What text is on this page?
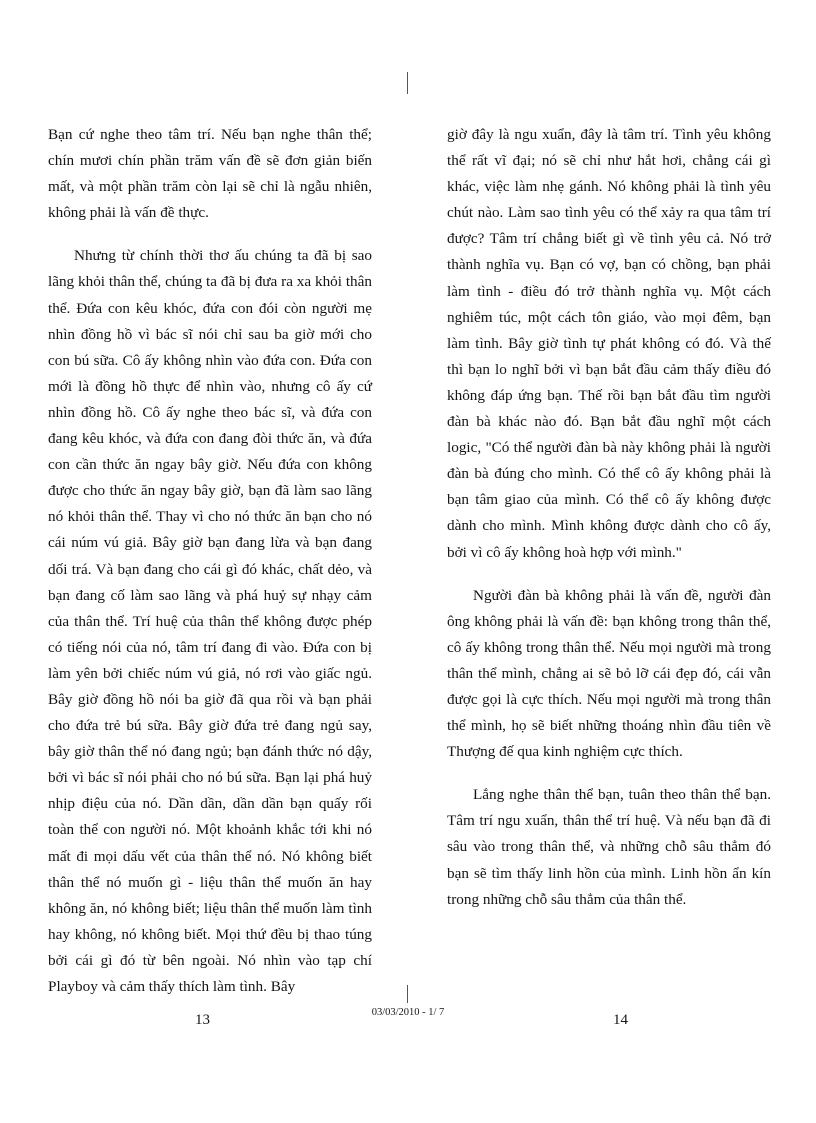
Bạn cứ nghe theo tâm trí. Nếu bạn nghe thân thể; chín mươi chín phần trăm vấn đề sẽ đơn giản biến mất, và một phần trăm còn lại sẽ chỉ là ngẫu nhiên, không phải là vấn đề thực.

Nhưng từ chính thời thơ ấu chúng ta đã bị sao lãng khỏi thân thể, chúng ta đã bị đưa ra xa khỏi thân thể. Đứa con kêu khóc, đứa con đói còn người mẹ nhìn đồng hồ vì bác sĩ nói chỉ sau ba giờ mới cho con bú sữa. Cô ấy không nhìn vào đứa con. Đứa con mới là đồng hồ thực để nhìn vào, nhưng cô ấy cứ nhìn đồng hồ. Cô ấy nghe theo bác sĩ, và đứa con đang kêu khóc, và đứa con đang đòi thức ăn, và đứa con cần thức ăn ngay bây giờ. Nếu đứa con không được cho thức ăn ngay bây giờ, bạn đã làm sao lãng nó khỏi thân thể. Thay vì cho nó thức ăn bạn cho nó cái núm vú giả. Bây giờ bạn đang lừa và bạn đang dối trá. Và bạn đang cho cái gì đó khác, chất dẻo, và bạn đang cố làm sao lãng và phá huỷ sự nhạy cảm của thân thể. Trí huệ của thân thể không được phép có tiếng nói của nó, tâm trí đang đi vào. Đứa con bị làm yên bởi chiếc núm vú giả, nó rơi vào giấc ngủ. Bây giờ đồng hồ nói ba giờ đã qua rồi và bạn phải cho đứa trẻ bú sữa. Bây giờ đứa trẻ đang ngủ say, bây giờ thân thể nó đang ngủ; bạn đánh thức nó dậy, bởi vì bác sĩ nói phải cho nó bú sữa. Bạn lại phá huỷ nhịp điệu của nó. Dần dần, dần dần bạn quấy rối toàn thể con người nó. Một khoảnh khắc tới khi nó mất đi mọi dấu vết của thân thể nó. Nó không biết thân thể nó muốn gì - liệu thân thể muốn ăn hay không ăn, nó không biết; liệu thân thể muốn làm tình hay không, nó không biết. Mọi thứ đều bị thao túng bởi cái gì đó từ bên ngoài. Nó nhìn vào tạp chí Playboy và cảm thấy thích làm tình. Bây

giờ đây là ngu xuẩn, đây là tâm trí. Tình yêu không thể rất vĩ đại; nó sẽ chỉ như hắt hơi, chẳng cái gì khác, việc làm nhẹ gánh. Nó không phải là tình yêu chút nào. Làm sao tình yêu có thể xảy ra qua tâm trí được? Tâm trí chẳng biết gì về tình yêu cả. Nó trở thành nghĩa vụ. Bạn có vợ, bạn có chồng, bạn phải làm tình - điều đó trở thành nghĩa vụ. Một cách nghiêm túc, một cách tôn giáo, vào mọi đêm, bạn làm tình. Bây giờ tình tự phát không có đó. Và thế thì bạn lo nghĩ bởi vì bạn bắt đầu cảm thấy điều đó không đáp ứng bạn. Thế rồi bạn bắt đầu tìm người đàn bà khác nào đó. Bạn bắt đầu nghĩ một cách logic, "Có thể người đàn bà này không phải là người đàn bà đúng cho mình. Có thể cô ấy không phải là bạn tâm giao của mình. Có thể cô ấy không được dành cho mình. Mình không được dành cho cô ấy, bởi vì cô ấy không hoà hợp với mình."

Người đàn bà không phải là vấn đề, người đàn ông không phải là vấn đề: bạn không trong thân thể, cô ấy không trong thân thể. Nếu mọi người mà trong thân thể mình, chẳng ai sẽ bỏ lỡ cái đẹp đó, cái vẫn được gọi là cực thích. Nếu mọi người mà trong thân thể mình, họ sẽ biết những thoáng nhìn đầu tiên về Thượng đế qua kinh nghiệm cực thích.

Lắng nghe thân thể bạn, tuân theo thân thể bạn. Tâm trí ngu xuẩn, thân thể trí huệ. Và nếu bạn đã đi sâu vào trong thân thể, và những chỗ sâu thẳm đó bạn sẽ tìm thấy linh hồn của mình. Linh hồn ẩn kín trong những chỗ sâu thẳm của thân thể.

13	03/03/2010 - 1/ 7	14
